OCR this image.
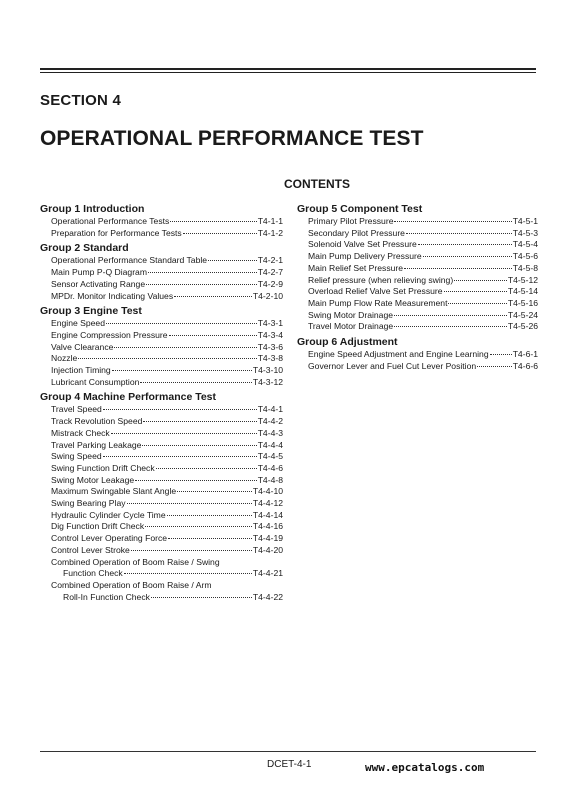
SECTION 4
OPERATIONAL PERFORMANCE TEST
CONTENTS
Group 1 Introduction
Operational Performance Tests	T4-1-1
Preparation for Performance Tests	T4-1-2
Group 2 Standard
Operational Performance Standard Table	T4-2-1
Main Pump P-Q Diagram	T4-2-7
Sensor Activating Range	T4-2-9
MPDr. Monitor Indicating Values	T4-2-10
Group 3 Engine Test
Engine Speed	T4-3-1
Engine Compression Pressure	T4-3-4
Valve Clearance	T4-3-6
Nozzle	T4-3-8
Injection Timing	T4-3-10
Lubricant Consumption	T4-3-12
Group 4 Machine Performance Test
Travel Speed	T4-4-1
Track Revolution Speed	T4-4-2
Mistrack Check	T4-4-3
Travel Parking Leakage	T4-4-4
Swing Speed	T4-4-5
Swing Function Drift Check	T4-4-6
Swing Motor Leakage	T4-4-8
Maximum Swingable Slant Angle	T4-4-10
Swing Bearing Play	T4-4-12
Hydraulic Cylinder Cycle Time	T4-4-14
Dig Function Drift Check	T4-4-16
Control Lever Operating Force	T4-4-19
Control Lever Stroke	T4-4-20
Combined Operation of Boom Raise / Swing
Function Check	T4-4-21
Combined Operation of Boom Raise / Arm
Roll-In Function Check	T4-4-22
Group 5 Component Test
Primary Pilot Pressure	T4-5-1
Secondary Pilot Pressure	T4-5-3
Solenoid Valve Set Pressure	T4-5-4
Main Pump Delivery Pressure	T4-5-6
Main Relief Set Pressure	T4-5-8
Relief pressure (when relieving swing)	T4-5-12
Overload Relief Valve Set Pressure	T4-5-14
Main Pump Flow Rate Measurement	T4-5-16
Swing Motor Drainage	T4-5-24
Travel Motor Drainage	T4-5-26
Group 6 Adjustment
Engine Speed Adjustment and Engine Learning	T4-6-1
Governor Lever and Fuel Cut Lever Position	T4-6-6
DCET-4-1	www.epcatalogs.com
